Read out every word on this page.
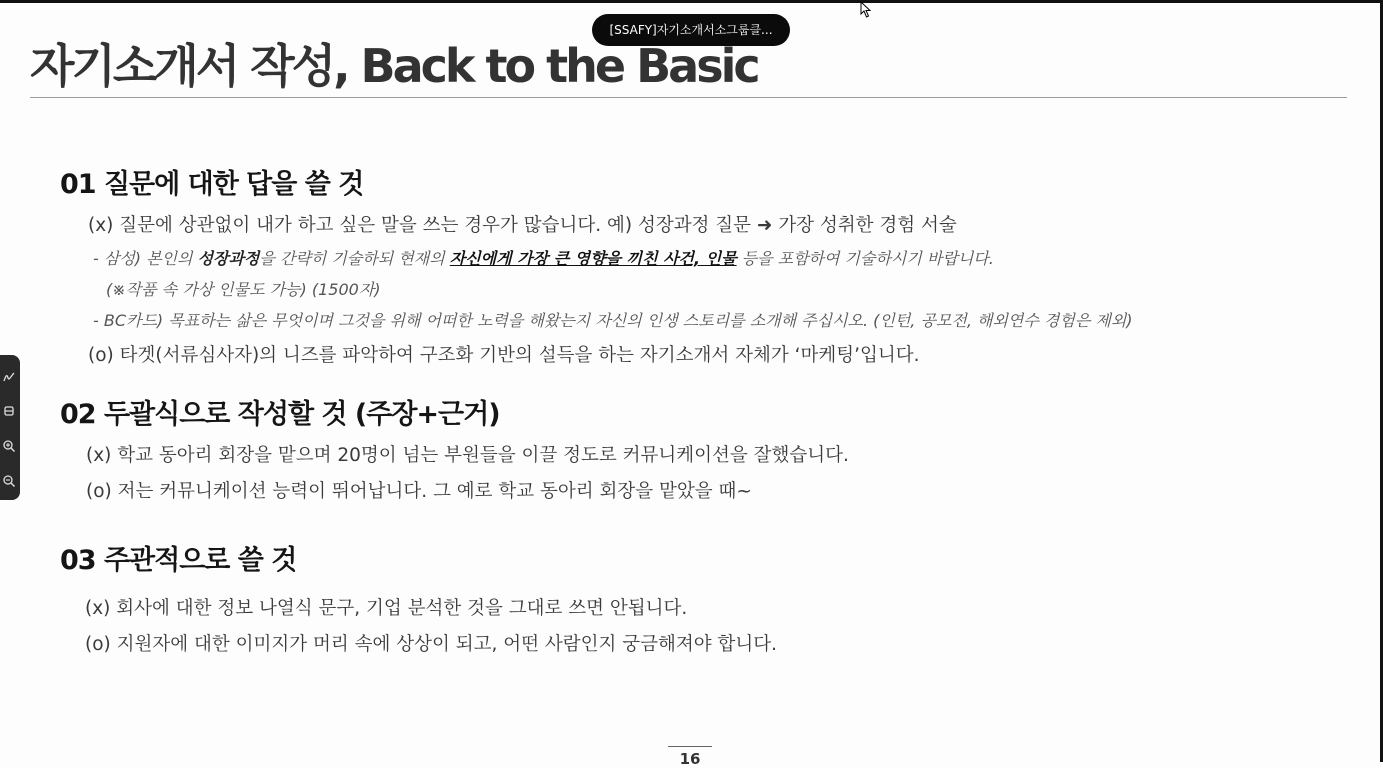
[SSAFY]자기소개서소그룹클...
자기소개서 작성, Back to the Basic
01 질문에 대한 답을 쓸 것
(x) 질문에 상관없이 내가 하고 싶은 말을 쓰는 경우가 많습니다. 예) 성장과정 질문 ➜ 가장 성취한 경험 서술
- 삼성) 본인의 성장과정을 간략히 기술하되 현재의 자신에게 가장 큰 영향을 끼친 사건, 인물 등을 포함하여 기술하시기 바랍니다.
(※작품 속 가상 인물도 가능) (1500자)
- BC카드) 목표하는 삶은 무엇이며 그것을 위해 어떠한 노력을 해왔는지 자신의 인생 스토리를 소개해 주십시오. (인턴, 공모전, 해외연수 경험은 제외)
(o) 타겟(서류심사자)의 니즈를 파악하여 구조화 기반의 설득을 하는 자기소개서 자체가 ‘마케팅’입니다.
02 두괄식으로 작성할 것 (주장+근거)
(x) 학교 동아리 회장을 맡으며 20명이 넘는 부원들을 이끌 정도로 커뮤니케이션을 잘했습니다.
(o) 저는 커뮤니케이션 능력이 뛰어납니다. 그 예로 학교 동아리 회장을 맡았을 때~
03 주관적으로 쓸 것
(x) 회사에 대한 정보 나열식 문구, 기업 분석한 것을 그대로 쓰면 안됩니다.
(o) 지원자에 대한 이미지가 머리 속에 상상이 되고, 어떤 사람인지 궁금해져야 합니다.
16
